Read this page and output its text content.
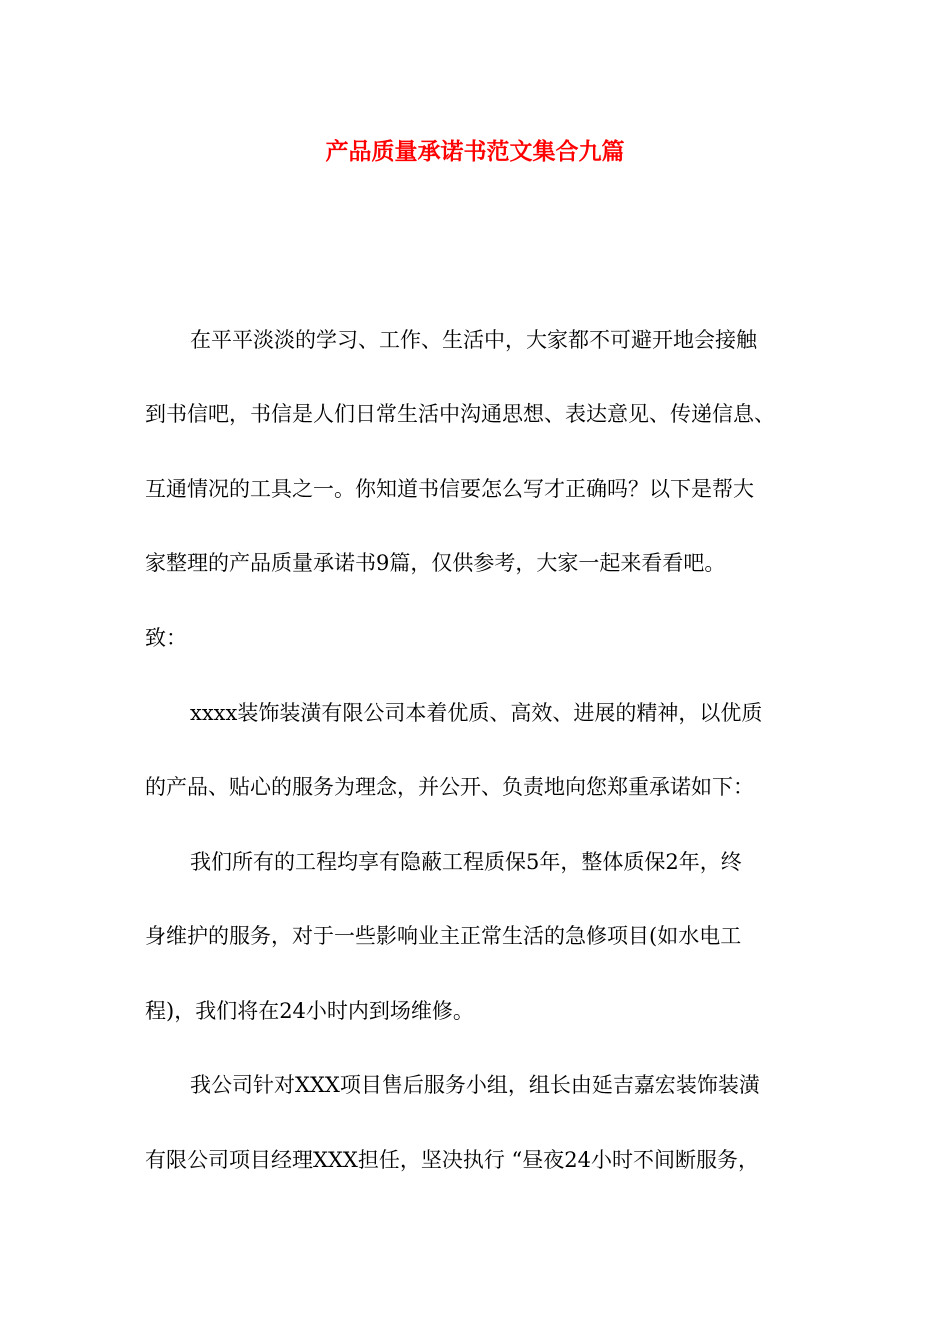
产品质量承诺书范文集合九篇

在平平淡淡的学习、工作、生活中，大家都不可避开地会接触

到书信吧，书信是人们日常生活中沟通思想、表达意见、传递信息、

互通情况的工具之一。你知道书信要怎么写才正确吗？以下是帮大

家整理的产品质量承诺书9篇，仅供参考，大家一起来看看吧。

致：

xxxx装饰装潢有限公司本着优质、高效、进展的精神，以优质

的产品、贴心的服务为理念，并公开、负责地向您郑重承诺如下：

我们所有的工程均享有隐蔽工程质保5年，整体质保2年，终

身维护的服务，对于一些影响业主正常生活的急修项目(如水电工

程)，我们将在24小时内到场维修。

我公司针对XXX项目售后服务小组，组长由延吉嘉宏装饰装潢

有限公司项目经理XXX担任，坚决执行 “昼夜24小时不间断服务，
